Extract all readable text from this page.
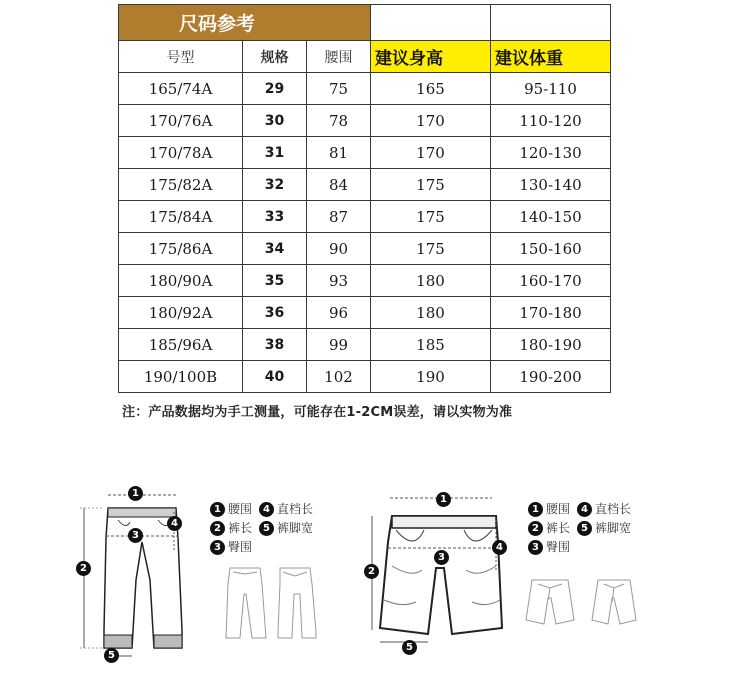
尺码参考				
号型	规格	腰围	建议身高	建议体重
165/74A	29	75	165	95-110
170/76A	30	78	170	110-120
170/78A	31	81	170	120-130
175/82A	32	84	175	130-140
175/84A	33	87	175	140-150
175/86A	34	90	175	150-160
180/90A	35	93	180	160-170
180/92A	36	96	180	170-180
185/96A	38	99	185	180-190
190/100B	40	102	190	190-200
注：产品数据均为手工测量，可能存在1-2CM误差，请以实物为准
1
2
3
4
5
1 腰围	4 直档长
2 裤长	5 裤脚宽
3 臀围
1
2
3
4
5
1 腰围	4 直档长
2 裤长	5 裤脚宽
3 臀围
